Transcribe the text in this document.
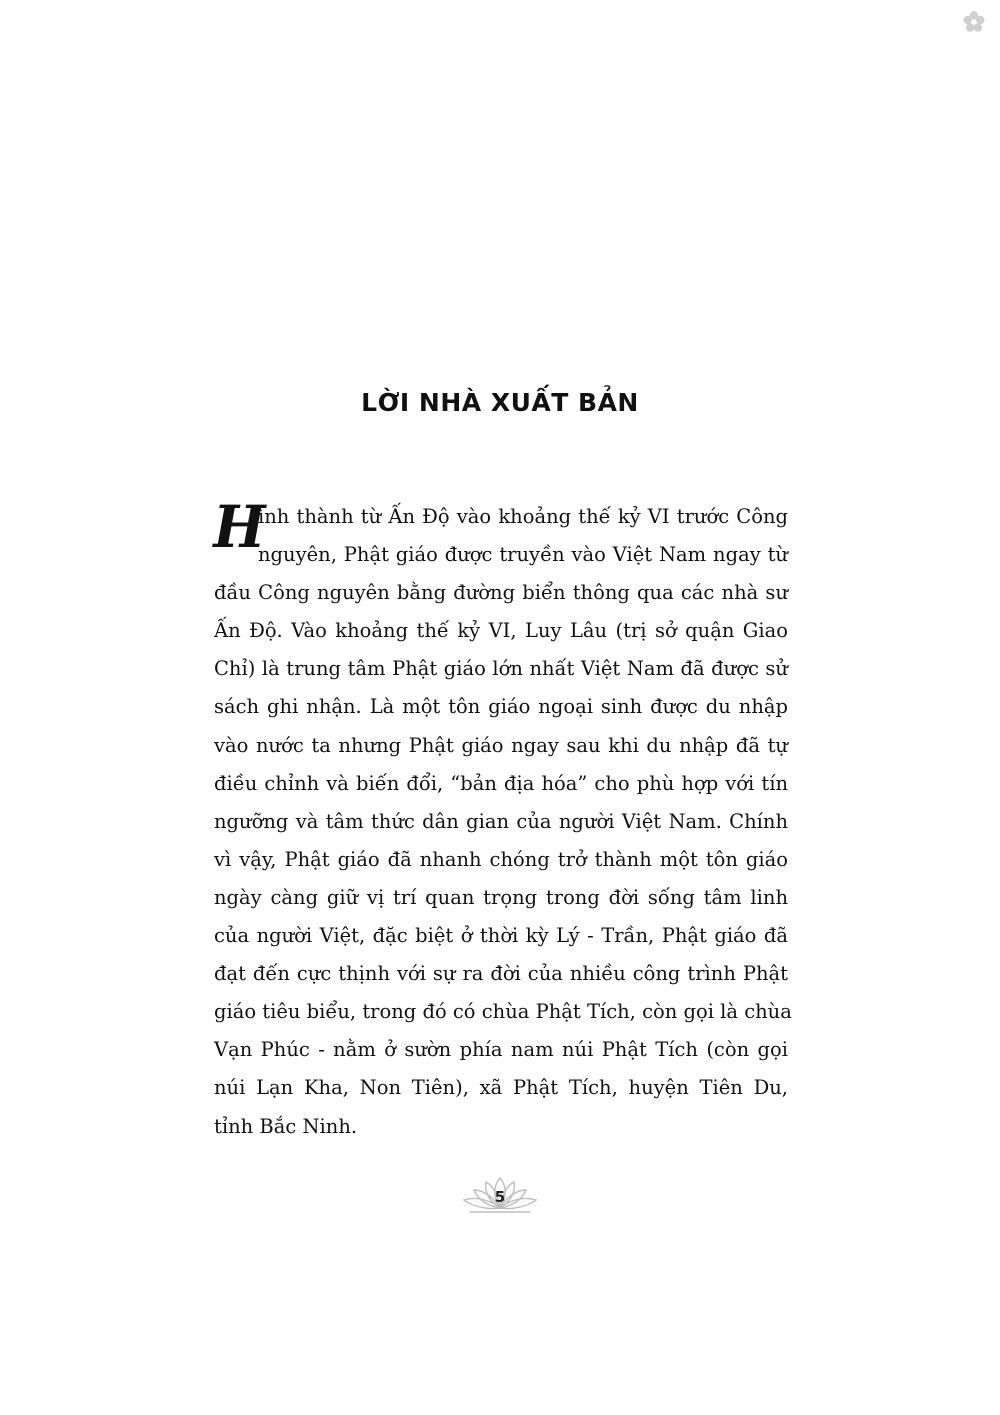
LỜI NHÀ XUẤT BẢN
H
ình thành từ Ấn Độ vào khoảng thế kỷ VI trước Công
nguyên, Phật giáo được truyền vào Việt Nam ngay từ
đầu Công nguyên bằng đường biển thông qua các nhà sư
Ấn Độ. Vào khoảng thế kỷ VI, Luy Lâu (trị sở quận Giao
Chỉ) là trung tâm Phật giáo lớn nhất Việt Nam đã được sử
sách ghi nhận. Là một tôn giáo ngoại sinh được du nhập
vào nước ta nhưng Phật giáo ngay sau khi du nhập đã tự
điều chỉnh và biến đổi, “bản địa hóa” cho phù hợp với tín
ngưỡng và tâm thức dân gian của người Việt Nam. Chính
vì vậy, Phật giáo đã nhanh chóng trở thành một tôn giáo
ngày càng giữ vị trí quan trọng trong đời sống tâm linh
của người Việt, đặc biệt ở thời kỳ Lý - Trần, Phật giáo đã
đạt đến cực thịnh với sự ra đời của nhiều công trình Phật
giáo tiêu biểu, trong đó có chùa Phật Tích, còn gọi là chùa
Vạn Phúc - nằm ở sườn phía nam núi Phật Tích (còn gọi
núi Lạn Kha, Non Tiên), xã Phật Tích, huyện Tiên Du,
tỉnh Bắc Ninh.
5
